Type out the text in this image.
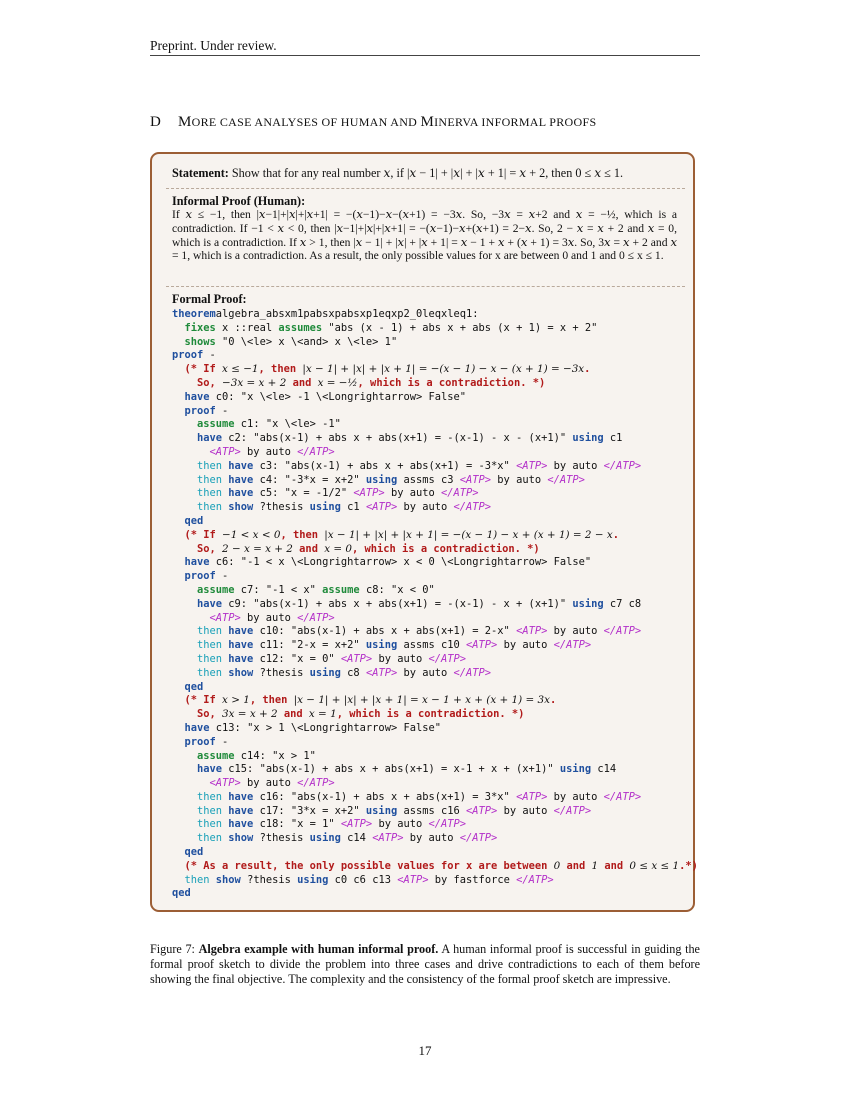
Preprint. Under review.
D MORE CASE ANALYSES OF HUMAN AND MINERVA INFORMAL PROOFS
Statement: Show that for any real number 𝑥, if |𝑥 − 1| + |𝑥| + |𝑥 + 1| = 𝑥 + 2, then 0 ≤ 𝑥 ≤ 1.
Informal Proof (Human):
If 𝑥 ≤ −1, then |𝑥−1|+|𝑥|+|𝑥+1| = −(𝑥−1)−𝑥−(𝑥+1) = −3𝑥. So, −3𝑥 = 𝑥+2 and 𝑥 = −½, which is a contradiction. If −1 < 𝑥 < 0, then |𝑥−1|+|𝑥|+|𝑥+1| = −(𝑥−1)−𝑥+(𝑥+1) = 2−𝑥. So, 2 − 𝑥 = 𝑥 + 2 and 𝑥 = 0, which is a contradiction. If 𝑥 > 1, then |𝑥 − 1| + |𝑥| + |𝑥 + 1| = 𝑥 − 1 + 𝑥 + (𝑥 + 1) = 3𝑥. So, 3𝑥 = 𝑥 + 2 and 𝑥 = 1, which is a contradiction. As a result, the only possible values for x are between 0 and 1 and 0 ≤ x ≤ 1.
Formal Proof:
theoremalgebra_absxm1pabsxpabsxp1eqxp2_0leqxleq1:
fixes x ::real assumes "abs (x - 1) + abs x + abs (x + 1) = x + 2"
shows "0 \<le> x \<and> x \<le> 1"
proof -
(* If x ≤ −1, then |x − 1| + |x| + |x + 1| = −(x − 1) − x − (x + 1) = −3x.
So, −3x = x + 2 and x = −½, which is a contradiction. *)
have c0: "x \<le> -1 \<Longrightarrow> False"
proof -
assume c1: "x \<le> -1"
have c2: "abs(x-1) + abs x + abs(x+1) = -(x-1) - x - (x+1)" using c1
<ATP> by auto </ATP>
then have c3: "abs(x-1) + abs x + abs(x+1) = -3*x" <ATP> by auto </ATP>
then have c4: "-3*x = x+2" using assms c3 <ATP> by auto </ATP>
then have c5: "x = -1/2" <ATP> by auto </ATP>
then show ?thesis using c1 <ATP> by auto </ATP>
qed
(* If −1 < x < 0, then |x − 1| + |x| + |x + 1| = −(x − 1) − x + (x + 1) = 2 − x.
So, 2 − x = x + 2 and x = 0, which is a contradiction. *)
have c6: "-1 < x \<Longrightarrow> x < 0 \<Longrightarrow> False"
proof -
assume c7: "-1 < x" assume c8: "x < 0"
have c9: "abs(x-1) + abs x + abs(x+1) = -(x-1) - x + (x+1)" using c7 c8
<ATP> by auto </ATP>
then have c10: "abs(x-1) + abs x + abs(x+1) = 2-x" <ATP> by auto </ATP>
then have c11: "2-x = x+2" using assms c10 <ATP> by auto </ATP>
then have c12: "x = 0" <ATP> by auto </ATP>
then show ?thesis using c8 <ATP> by auto </ATP>
qed
(* If x > 1, then |x − 1| + |x| + |x + 1| = x − 1 + x + (x + 1) = 3x.
So, 3x = x + 2 and x = 1, which is a contradiction. *)
have c13: "x > 1 \<Longrightarrow> False"
proof -
assume c14: "x > 1"
have c15: "abs(x-1) + abs x + abs(x+1) = x-1 + x + (x+1)" using c14
<ATP> by auto </ATP>
then have c16: "abs(x-1) + abs x + abs(x+1) = 3*x" <ATP> by auto </ATP>
then have c17: "3*x = x+2" using assms c16 <ATP> by auto </ATP>
then have c18: "x = 1" <ATP> by auto </ATP>
then show ?thesis using c14 <ATP> by auto </ATP>
qed
(* As a result, the only possible values for x are between 0 and 1 and 0 ≤ x ≤ 1.*)
then show ?thesis using c0 c6 c13 <ATP> by fastforce </ATP>
qed
Figure 7: Algebra example with human informal proof. A human informal proof is successful in guiding the formal proof sketch to divide the problem into three cases and drive contradictions to each of them before showing the final objective. The complexity and the consistency of the formal proof sketch are impressive.
17
